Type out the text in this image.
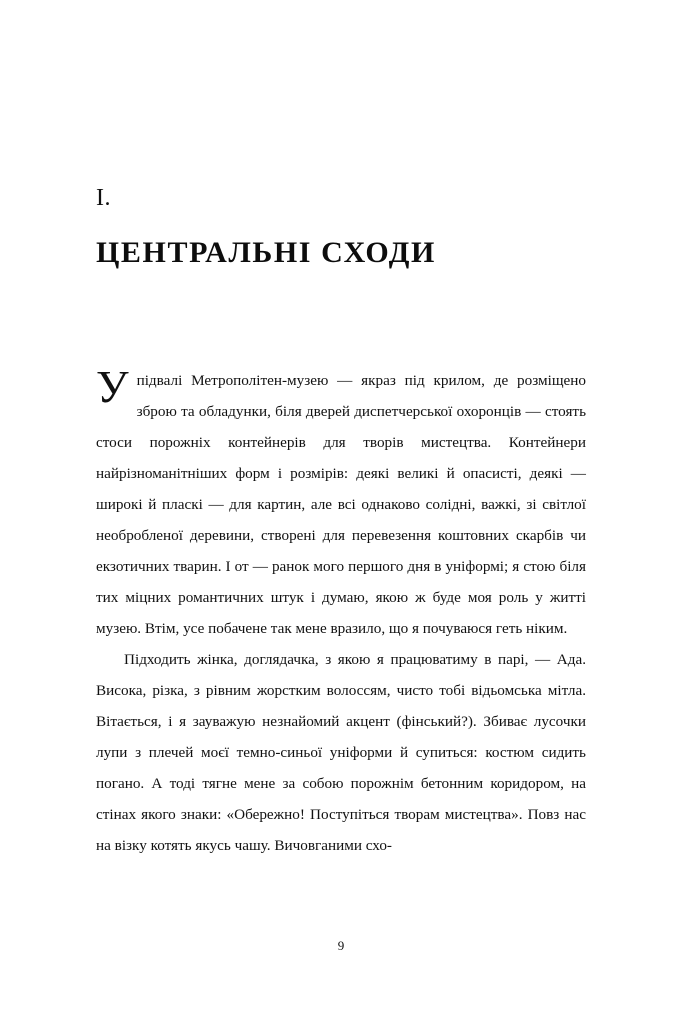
I.
ЦЕНТРАЛЬНІ СХОДИ

У підвалі Метрополітен-музею — якраз під крилом, де розміщено зброю та обладунки, біля дверей диспетчерської охоронців — стоять стоси порожніх контейнерів для творів мистецтва. Контейнери найрізноманітніших форм і розмірів: деякі великі й опасисті, деякі — широкі й пласкі — для картин, але всі однаково солідні, важкі, зі світлої необробленої деревини, створені для перевезення коштовних скарбів чи екзотичних тварин. І от — ранок мого першого дня в уніформі; я стою біля тих міцних романтичних штук і думаю, якою ж буде моя роль у житті музею. Втім, усе побачене так мене вразило, що я почуваюся геть ніким.

Підходить жінка, доглядачка, з якою я працюватиму в парі, — Ада. Висока, різка, з рівним жорстким волоссям, чисто тобі відьомська мітла. Вітається, і я зауважую незнайомий акцент (фінський?). Збиває лусочки лупи з плечей моєї темно-синьої уніформи й супиться: костюм сидить погано. А тоді тягне мене за собою порожнім бетонним коридором, на стінах якого знаки: «Обережно! Поступіться творам мистецтва». Повз нас на візку котять якусь чашу. Вичовганими схо-

9
